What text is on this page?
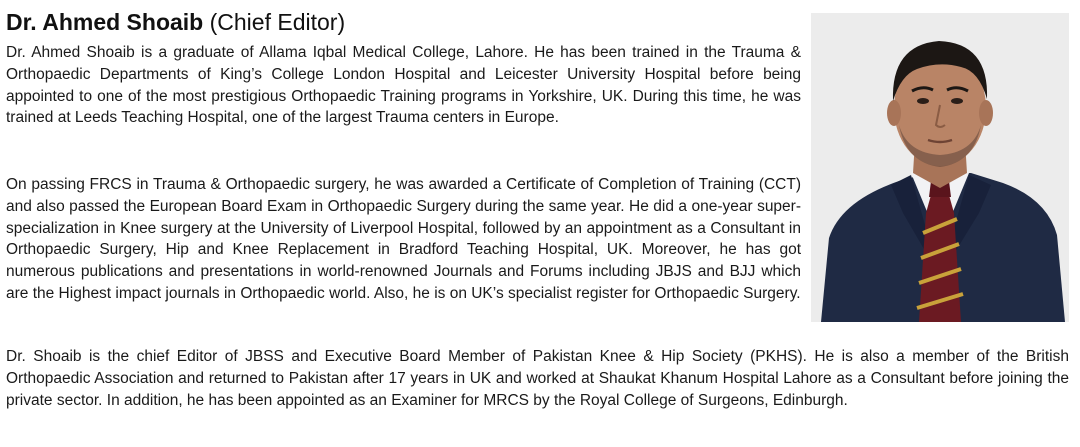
Dr. Ahmed Shoaib (Chief Editor)

Dr. Ahmed Shoaib is a graduate of Allama Iqbal Medical College, Lahore. He has been trained in the Trauma & Orthopaedic Departments of King’s College London Hospital and Leicester University Hospital before being appointed to one of the most prestigious Orthopaedic Training programs in Yorkshire, UK. During this time, he was trained at Leeds Teaching Hospital, one of the largest Trauma centers in Europe.

On passing FRCS in Trauma & Orthopaedic surgery, he was awarded a Certificate of Completion of Training (CCT) and also passed the European Board Exam in Orthopaedic Surgery during the same year. He did a one-year super-specialization in Knee surgery at the University of Liverpool Hospital, followed by an appointment as a Consultant in Orthopaedic Surgery, Hip and Knee Replacement in Bradford Teaching Hospital, UK. Moreover, he has got numerous publications and presentations in world-renowned Journals and Forums including JBJS and BJJ which are the Highest impact journals in Orthopaedic world. Also, he is on UK’s specialist register for Orthopaedic Surgery.

Dr. Shoaib is the chief Editor of JBSS and Executive Board Member of Pakistan Knee & Hip Society (PKHS). He is also a member of the British Orthopaedic Association and returned to Pakistan after 17 years in UK and worked at Shaukat Khanum Hospital Lahore as a Consultant before joining the private sector. In addition, he has been appointed as an Examiner for MRCS by the Royal College of Surgeons, Edinburgh.
